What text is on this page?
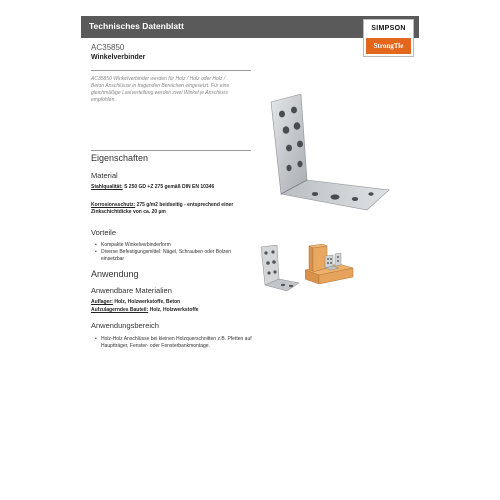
Technisches Datenblatt	SIMPSON
StrongTie
AC35850
Winkelverbinder
AC35850 Winkelverbinder werden für Holz / Holz oder Holz / Beton Anschlüsse in tragenden Bereichen eingesetzt. Für eine gleichmäßige Lastverteilung werden zwei Winkel je Anschluss empfohlen.
Eigenschaften
Material
Stahlqualität: S 250 GD +Z 275 gemäß DIN EN 10346
Korrosionsschutz: 275 g/m2 beidseitig - entsprechend einer Zinkschichtdicke von ca. 20 µm
Vorteile
• Kompakte Winkelverbinderform
• Diverse Befestigungsmittel: Nägel, Schrauben oder Bolzen einsetzbar
Anwendung
Anwendbare Materialien
Auflager: Holz, Holzwerkstoffe, Beton
Aufzulagerndes Bauteil: Holz, Holzwerkstoffe
Anwendungsbereich
• Holz-Holz Anschlüsse bei kleinen Holzquerschnitten z.B. Pfetten auf Hauptträger, Fenster- oder Fensterbankmontage.
